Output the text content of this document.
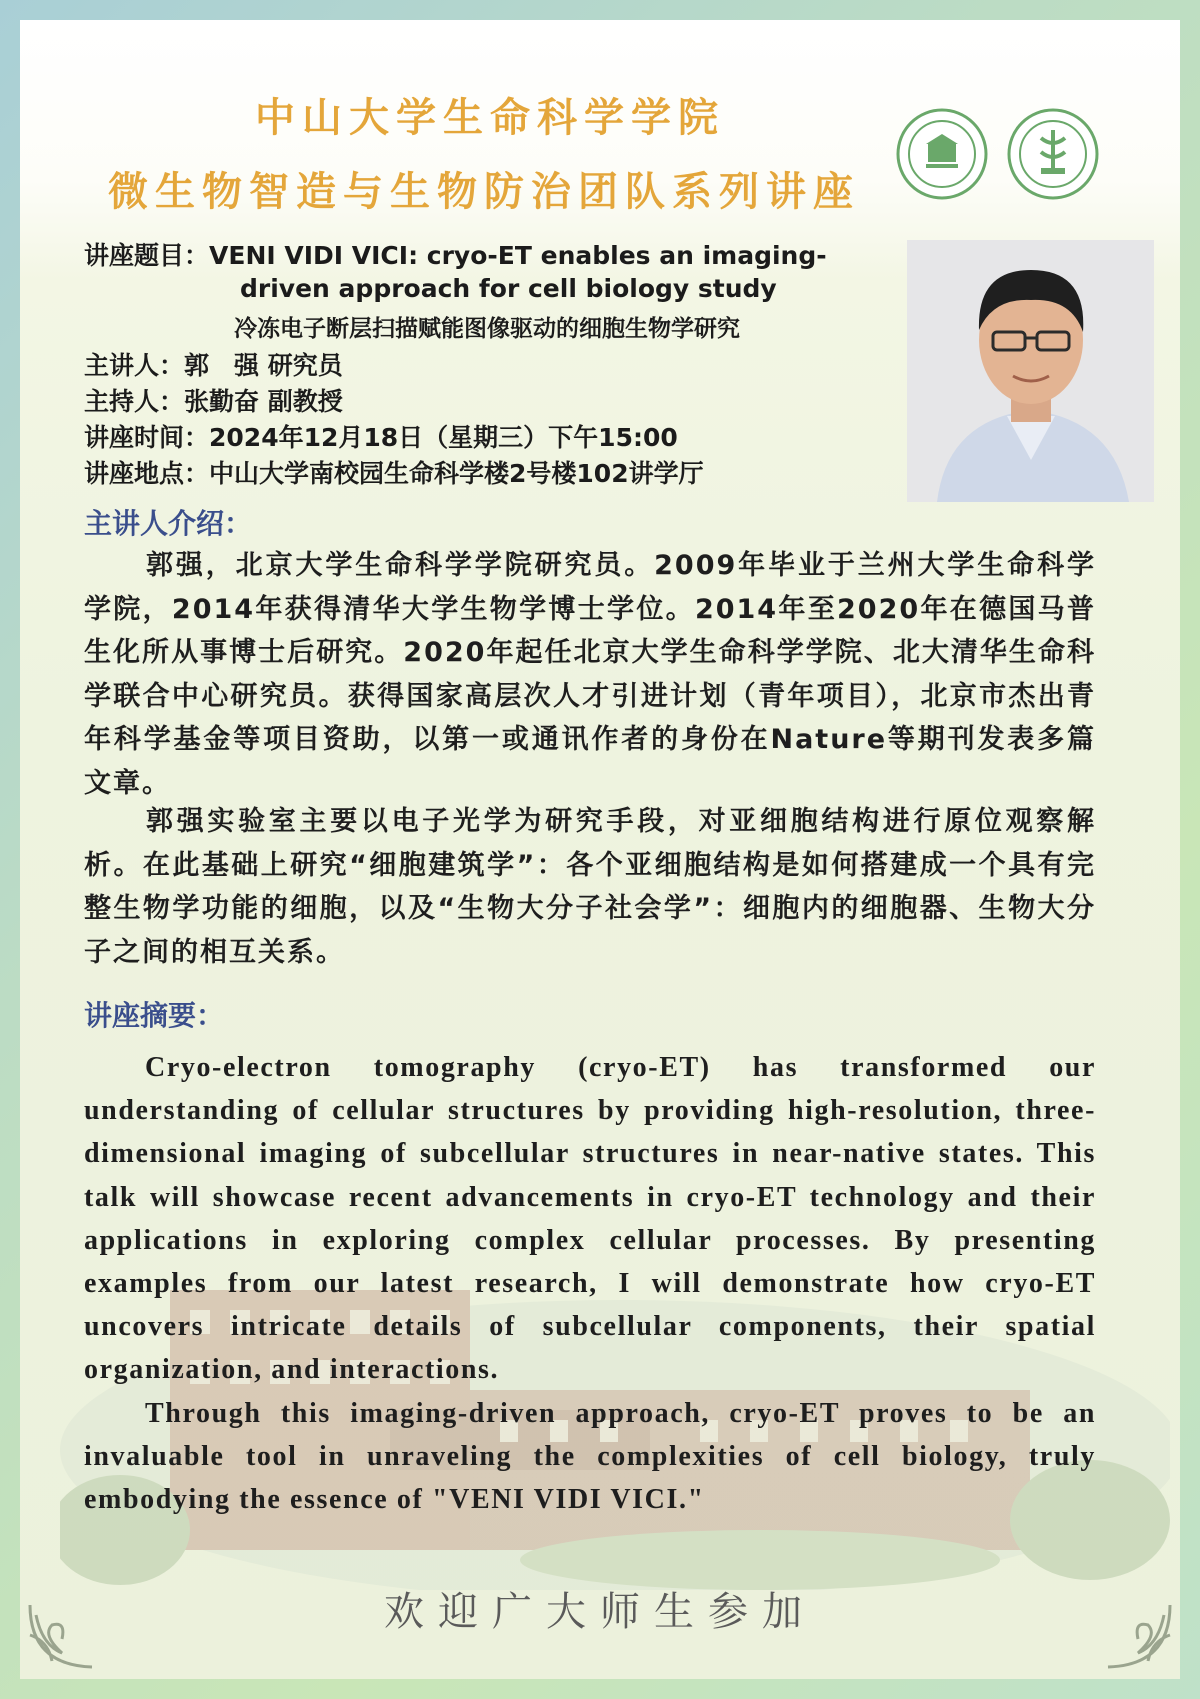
中山大学生命科学学院
微生物智造与生物防治团队系列讲座
讲座题目：VENI VIDI VICI: cryo-ET enables an imaging-
driven approach for cell biology study
冷冻电子断层扫描赋能图像驱动的细胞生物学研究
主讲人：郭　强 研究员
主持人：张勤奋 副教授
讲座时间：2024年12月18日（星期三）下午15:00
讲座地点：中山大学南校园生命科学楼2号楼102讲学厅
主讲人介绍：

郭强，北京大学生命科学学院研究员。2009年毕业于兰州大学生命科学学院，2014年获得清华大学生物学博士学位。2014年至2020年在德国马普生化所从事博士后研究。2020年起任北京大学生命科学学院、北大清华生命科学联合中心研究员。获得国家高层次人才引进计划（青年项目），北京市杰出青年科学基金等项目资助，以第一或通讯作者的身份在Nature等期刊发表多篇文章。

郭强实验室主要以电子光学为研究手段，对亚细胞结构进行原位观察解析。在此基础上研究“细胞建筑学”：各个亚细胞结构是如何搭建成一个具有完整生物学功能的细胞，以及“生物大分子社会学”：细胞内的细胞器、生物大分子之间的相互关系。

讲座摘要：

Cryo-electron tomography (cryo-ET) has transformed our understanding of cellular structures by providing high-resolution, three-dimensional imaging of subcellular structures in near-native states. This talk will showcase recent advancements in cryo-ET technology and their applications in exploring complex cellular processes. By presenting examples from our latest research, I will demonstrate how cryo-ET uncovers intricate details of subcellular components, their spatial organization, and interactions.

Through this imaging-driven approach, cryo-ET proves to be an invaluable tool in unraveling the complexities of cell biology, truly embodying the essence of "VENI VIDI VICI."

欢迎广大师生参加
